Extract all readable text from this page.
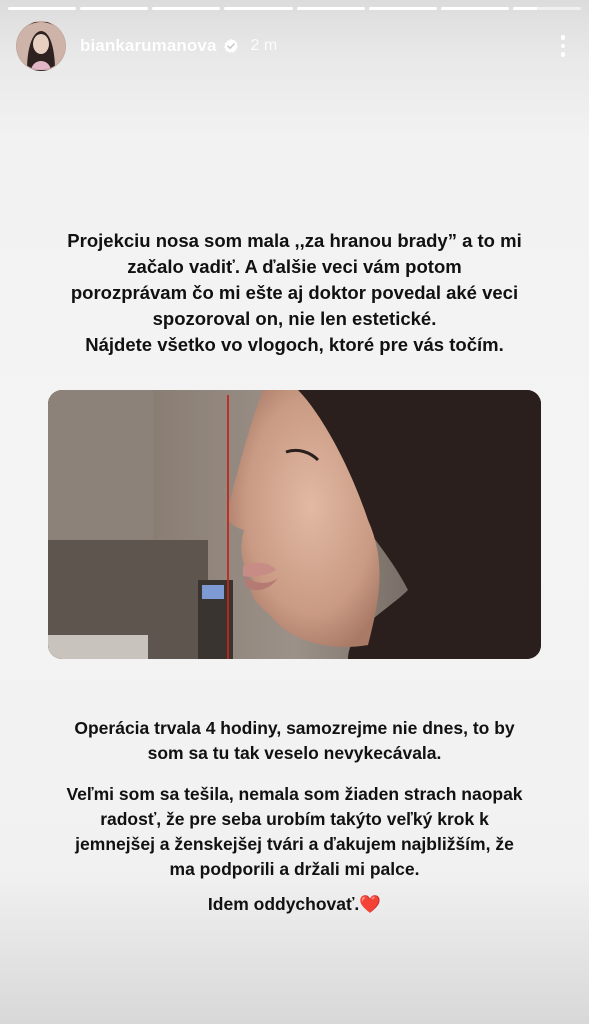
biankarumanova 2 m
Projekciu nosa som mala ,,za hranou brady” a to mi
začalo vadiť. A ďalšie veci vám potom
porozprávam čo mi ešte aj doktor povedal aké veci
spozoroval on, nie len estetické.
Nájdete všetko vo vlogoch, ktoré pre vás točím.
Operácia trvala 4 hodiny, samozrejme nie dnes, to by
som sa tu tak veselo nevykecávala.
Veľmi som sa tešila, nemala som žiaden strach naopak
radosť, že pre seba urobím takýto veľký krok k
jemnejšej a ženskejšej tvári a ďakujem najbližším, že
ma podporili a držali mi palce.
Idem oddychovať.❤️
